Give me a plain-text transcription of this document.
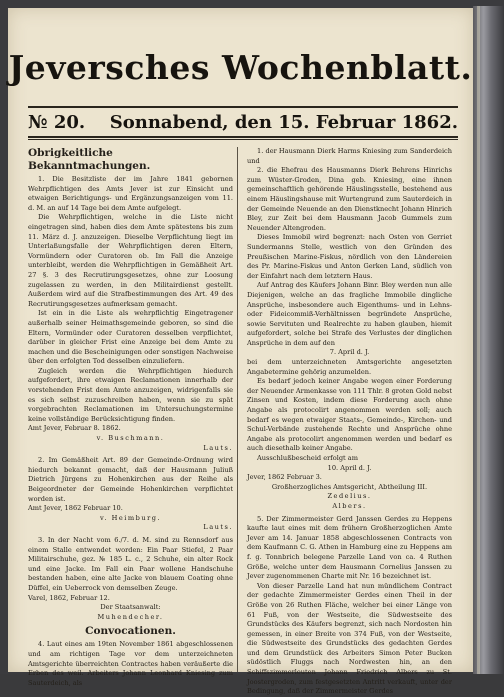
Jeversches Wochenblatt.
№ 20. Sonnabend, den 15. Februar 1862.
Obrigkeitliche Bekanntmachungen.

1. Die Besitzliste der im Jahre 1841 gebornen Wehrpflichtigen des Amts Jever ist zur Einsicht und etwaigen Berichtigungs- und Ergänzungsanzeigen vom 11. d. M. an auf 14 Tage bei dem Amte aufgelegt.

Die Wehrpflichtigen, welche in die Liste nicht eingetragen sind, haben dies dem Amte spätestens bis zum 11. März d. J. anzuzeigen. Dieselbe Verpflichtung liegt im Unterlaßungsfalle der Wehrpflichtigen deren Eltern, Vormündern oder Curatoren ob. Im Fall die Anzeige unterbleibt, werden die Wehrpflichtigen in Gemäßheit Art. 27 §. 3 des Recrutirungsgesetzes, ohne zur Loosung zugelassen zu werden, in den Militairdienst gestellt. Außerdem wird auf die Strafbestimmungen des Art. 49 des Recrutirungsgesetzes aufmerksam gemacht.

Ist ein in die Liste als wehrpflichtig Eingetragener außerhalb seiner Heimathsgemeinde geboren, so sind die Eltern, Vormünder oder Curatoren desselben verpflichtet, darüber in gleicher Frist eine Anzeige bei dem Amte zu machen und die Bescheinigungen oder sonstigen Nachweise über den erfolgten Tod desselben einzuliefern.

Zugleich werden die Wehrpflichtigen hiedurch aufgefordert, ihre etwaigen Reclamationen innerhalb der vorstehenden Frist dem Amte anzuzeigen, widrigenfalls sie es sich selbst zuzuschreiben haben, wenn sie zu spät vorgebrachten Reclamationen im Untersuchungstermine keine vollständige Berücksichtigung finden.

Amt Jever, Februar 8. 1862.

v. Buschmann.
Lauts.

2. Im Gemäßheit Art. 89 der Gemeinde-Ordnung wird hiedurch bekannt gemacht, daß der Hausmann Juliuß Dietrich Jürgens zu Hohenkirchen aus der Reihe als Beigeordneter der Gemeinde Hohenkirchen verpflichtet worden ist.

Amt Jever, 1862 Februar 10.

v. Heimburg.
Lauts.

3. In der Nacht vom 6./7. d. M. sind zu Rennsdorf aus einem Stalle entwendet worden: Ein Paar Stiefel, 2 Paar Militairschuhe, gez. № 185 L. c., 2 Schuhe, ein alter Rock und eine Jacke. Im Fall ein Paar wollene Handschuhe bestanden haben, eine alte Jacke von blauem Coating ohne Düffel, ein Ueberrock von demselben Zeuge.

Varel, 1862, Februar 12.

Der Staatsanwalt:
Muhendecher.
Convocationen.

4. Laut eines am 19ten November 1861 abgeschlossenen und am richtigen Tage vor dem unterzeichneten Amtsgerichte überreichten Contractes haben veräußerte die Erben des weil. Arbeiters Johann Leonhard Kniesing zum Sauterdeich, als

1. der Hausmann Dierk Harms Kniesing zum Sanderdeich und

2. die Ehefrau des Hausmanns Dierk Behrens Hinrichs zum Wüster-Groden, Dina geb. Kniesing, eine ihnen gemeinschaftlich gehörende Häuslingsstelle, bestehend aus einem Häuslingshause mit Wurtengrund zum Sauterdeich in der Gemeinde Neuende an den Dienstknecht Johann Hinrich Bley, zur Zeit bei dem Hausmann Jacob Gummels zum Neuender Altengroden.

Dieses Immobil wird begrenzt: nach Osten von Gerriet Sundermanns Stelle, westlich von den Gründen des Preußischen Marine-Fiskus, nördlich von den Ländereien des Pr. Marine-Fiskus und Anton Gerken Land, südlich von der Einfahrt nach dem letztern Haus.

Auf Antrag des Käufers Johann Binr. Bley werden nun alle Diejenigen, welche an das fragliche Immobile dingliche Ansprüche, insbesondere auch Eigenthums- und in Lehns- oder Fideicommiß-Verhältnissen begründete Ansprüche, sowie Servituten und Realrechte zu haben glauben, hiemit aufgefordert, solche bei Strafe des Verlustes der dinglichen Ansprüche in dem auf den

7. April d. J.

bei dem unterzeichneten Amtsgerichte angesetzten Angabetermine gehörig anzumelden.

Es bedarf jedoch keiner Angabe wegen einer Forderung der Neuender Armenkasse von 111 Thlr. 8 groten Gold nebst Zinsen und Kosten, indem diese Forderung auch ohne Angabe als protocolirt angenommen werden soll; auch bedarf es wegen etwaiger Staats-, Gemeinde-, Kirchen- und Schul-Verbände zustehende Rechte und Ansprüche ohne Angabe als protocolirt angenommen werden und bedarf es auch diesethalb keiner Angabe.

Ausschlußbescheid erfolgt am

10. April d. J.

Jever, 1862 Februar 3.

Großherzogliches Amtsgericht, Abtheilung III.
Zedelius.
Albers.

5. Der Zimmermeister Gerd Janssen Gerdes zu Heppens kaufte laut eines mit dem frühern Großherzoglichen Amte Jever am 14. Januar 1858 abgeschlossenen Contracts von dem Kaufmann C. G. Athen in Hamburg eine zu Heppens am f. g. Tonnbrich belegene Parzelle Land von ca. 4 Ruthen Größe, welche unter dem Hausmann Cornelius Janssen zu Jever zugenommenen Charte mit Nr. 16 bezeichnet ist.

Von dieser Parzelle Land hat nun mündlichem Contract der gedachte Zimmermeister Gerdes einen Theil in der Größe von 26 Ruthen Fläche, welcher bei einer Länge von 61 Fuß, von der Westseite, die Südwestseite des Grundstücks des Käufers begrenzt, sich nach Nordosten hin gemessen, in einer Breite von 374 Fuß, von der Westseite, die Südwestseite des Grundstücks des gedachten Gerdes und dem Grundstück des Arbeiters Simon Peter Bucken südöstlich Fluggs nach Nordwesten hin, an den Schiffszimmerleuten Johann Friedrich Albers zu St. Joostergroden, zum festgesetzten Antritt verkauft, unter der Bedingung, daß der Zimmermeister Gerdes
